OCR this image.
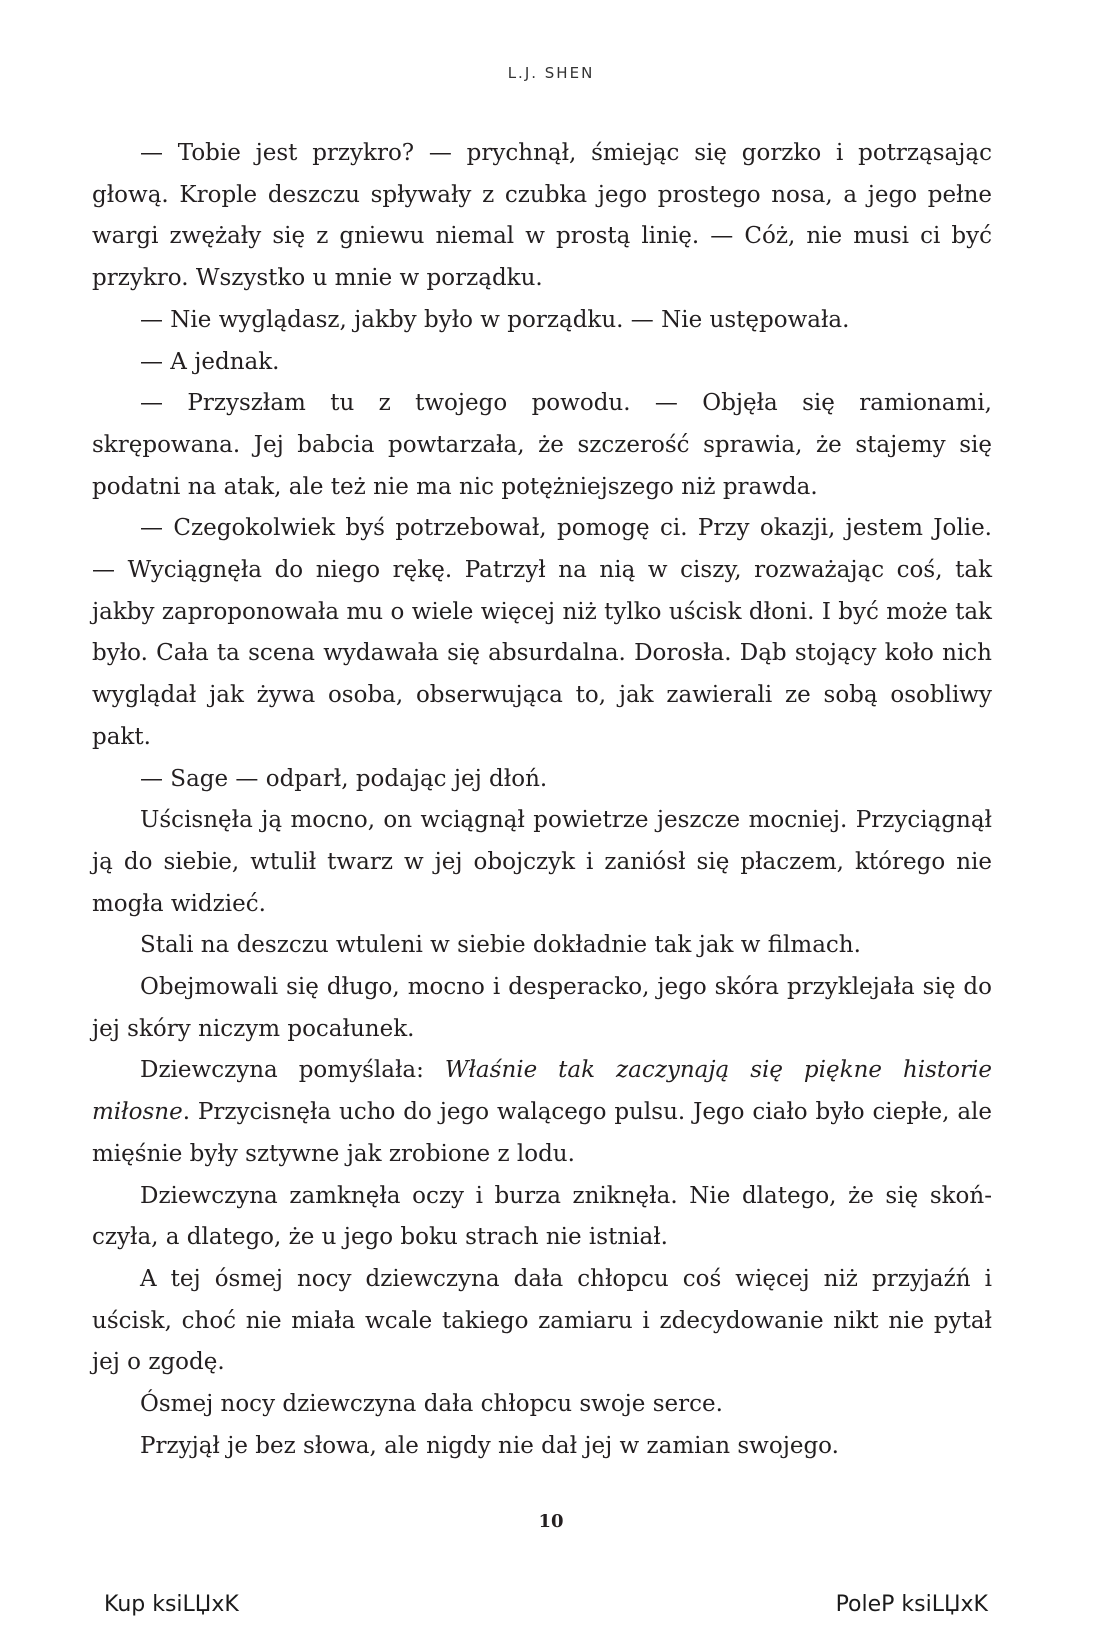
L.J. SHEN

— Tobie jest przykro? — prychnął, śmiejąc się gorzko i potrząsając głową. Krople deszczu spływały z czubka jego prostego nosa, a jego pełne wargi zwężały się z gniewu niemal w prostą linię. — Cóż, nie musi ci być przykro. Wszystko u mnie w porządku.

— Nie wyglądasz, jakby było w porządku. — Nie ustępowała.

— A jednak.

— Przyszłam tu z twojego powodu. — Objęła się ramionami, skrępowana. Jej babcia powtarzała, że szczerość sprawia, że stajemy się podatni na atak, ale też nie ma nic potężniejszego niż prawda.

— Czegokolwiek byś potrzebował, pomogę ci. Przy okazji, jestem Jolie. — Wyciągnęła do niego rękę. Patrzył na nią w ciszy, rozważając coś, tak jakby zaproponowała mu o wiele więcej niż tylko uścisk dłoni. I być może tak było. Cała ta scena wydawała się absurdalna. Dorosła. Dąb stojący koło nich wyglądał jak żywa osoba, obserwująca to, jak zawierali ze sobą osobliwy pakt.

— Sage — odparł, podając jej dłoń.

Uścisnęła ją mocno, on wciągnął powietrze jeszcze mocniej. Przyciągnął ją do siebie, wtulił twarz w jej obojczyk i zaniósł się płaczem, którego nie mogła widzieć.

Stali na deszczu wtuleni w siebie dokładnie tak jak w filmach.

Obejmowali się długo, mocno i desperacko, jego skóra przyklejała się do jej skóry niczym pocałunek.

Dziewczyna pomyślała: Właśnie tak zaczynają się piękne historie miłosne. Przycisnęła ucho do jego walącego pulsu. Jego ciało było ciepłe, ale mięśnie były sztywne jak zrobione z lodu.

Dziewczyna zamknęła oczy i burza zniknęła. Nie dlatego, że się skończyła, a dlatego, że u jego boku strach nie istniał.

A tej ósmej nocy dziewczyna dała chłopcu coś więcej niż przyjaźń i uścisk, choć nie miała wcale takiego zamiaru i zdecydowanie nikt nie pytał jej o zgodę.

Ósmej nocy dziewczyna dała chłopcu swoje serce.

Przyjął je bez słowa, ale nigdy nie dał jej w zamian swojego.

10
Kup ksiLЏxK	PoleP ksiLЏxK
